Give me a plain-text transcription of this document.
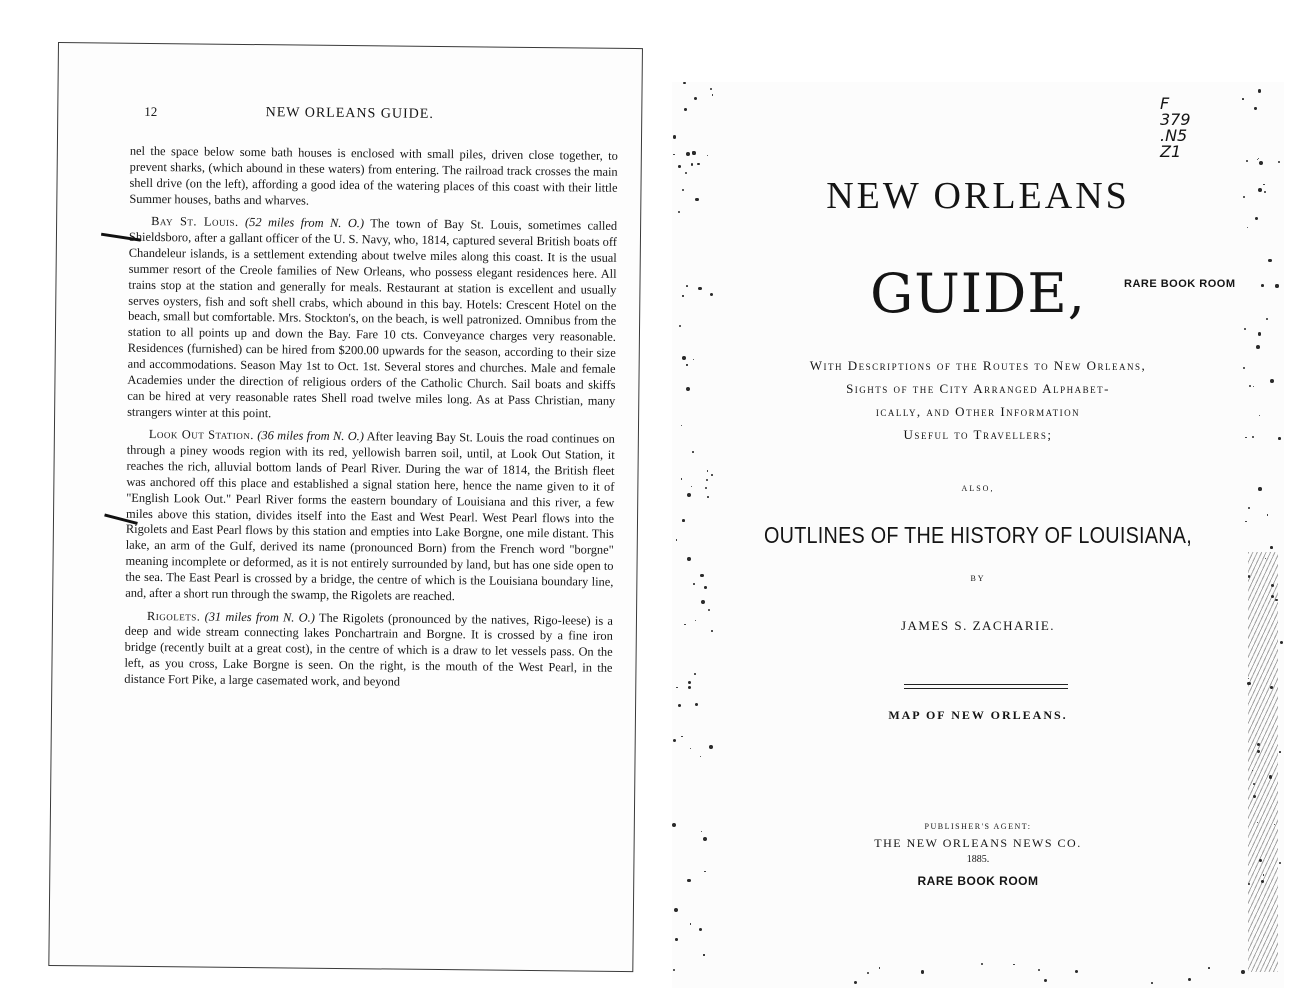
12	NEW ORLEANS GUIDE.

nel the space below some bath houses is enclosed with small piles, driven close together, to prevent sharks, (which abound in these waters) from entering. The railroad track crosses the main shell drive (on the left), affording a good idea of the watering places of this coast with their little Summer houses, baths and wharves.

Bay St. Louis. (52 miles from N. O.) The town of Bay St. Louis, sometimes called Shieldsboro, after a gallant officer of the U. S. Navy, who, 1814, captured several British boats off Chandeleur islands, is a settlement extending about twelve miles along this coast. It is the usual summer resort of the Creole families of New Orleans, who possess elegant residences here. All trains stop at the station and generally for meals. Restaurant at station is excellent and usually serves oysters, fish and soft shell crabs, which abound in this bay. Hotels: Crescent Hotel on the beach, small but comfortable. Mrs. Stockton's, on the beach, is well patronized. Omnibus from the station to all points up and down the Bay. Fare 10 cts. Conveyance charges very reasonable. Residences (furnished) can be hired from $200.00 upwards for the season, according to their size and accommodations. Season May 1st to Oct. 1st. Several stores and churches. Male and female Academies under the direction of religious orders of the Catholic Church. Sail boats and skiffs can be hired at very reasonable rates Shell road twelve miles long. As at Pass Christian, many strangers winter at this point.

Look Out Station. (36 miles from N. O.) After leaving Bay St. Louis the road continues on through a piney woods region with its red, yellowish barren soil, until, at Look Out Station, it reaches the rich, alluvial bottom lands of Pearl River. During the war of 1814, the British fleet was anchored off this place and established a signal station here, hence the name given to it of "English Look Out." Pearl River forms the eastern boundary of Louisiana and this river, a few miles above this station, divides itself into the East and West Pearl. West Pearl flows into the Rigolets and East Pearl flows by this station and empties into Lake Borgne, one mile distant. This lake, an arm of the Gulf, derived its name (pronounced Born) from the French word "borgne" meaning incomplete or deformed, as it is not entirely surrounded by land, but has one side open to the sea. The East Pearl is crossed by a bridge, the centre of which is the Louisiana boundary line, and, after a short run through the swamp, the Rigolets are reached.

Rigolets. (31 miles from N. O.) The Rigolets (pronounced by the natives, Rigo-leese) is a deep and wide stream connecting lakes Ponchartrain and Borgne. It is crossed by a fine iron bridge (recently built at a great cost), in the centre of which is a draw to let vessels pass. On the left, as you cross, Lake Borgne is seen. On the right, is the mouth of the West Pearl, in the distance Fort Pike, a large casemated work, and beyond

F
379
.N5
Z1
NEW ORLEANS
GUIDE,	RARE BOOK ROOM
With Descriptions of the Routes to New Orleans,
Sights of the City Arranged Alphabet-
ically, and Other Information
Useful to Travellers;
ALSO,
OUTLINES OF THE HISTORY OF LOUISIANA,
BY
JAMES S. ZACHARIE.
MAP OF NEW ORLEANS.
PUBLISHER'S AGENT:
THE NEW ORLEANS NEWS CO.
1885.
RARE BOOK ROOM
